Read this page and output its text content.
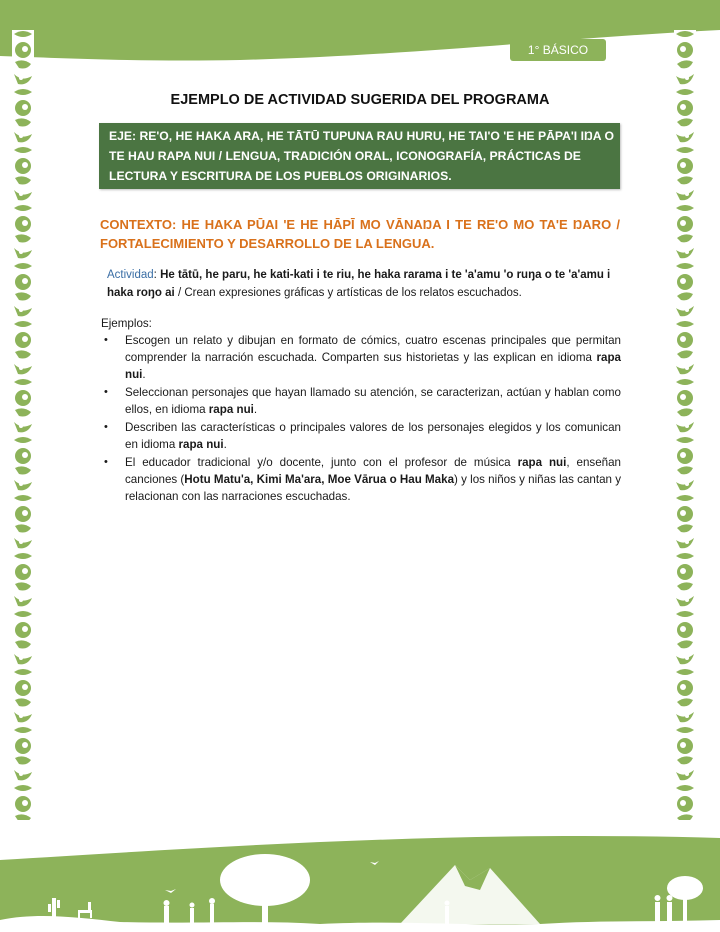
1° BÁSICO Unidad 1
EJEMPLO DE ACTIVIDAD SUGERIDA DEL PROGRAMA
EJE: RE'O, HE HAKA ARA, HE TĀTŪ TUPUNA RAU HURU, HE TAI'O 'E HE PĀPA'I IŊA O TE HAU RAPA NUI / LENGUA, TRADICIÓN ORAL, ICONOGRAFÍA, PRÁCTICAS DE LECTURA Y ESCRITURA DE LOS PUEBLOS ORIGINARIOS.
CONTEXTO: HE HAKA PŪAI 'E HE HĀPĪ MO VĀNAŊA I TE RE'O MO TA'E ŊARO / FORTALECIMIENTO Y DESARROLLO DE LA LENGUA.
Actividad: He tātū, he paru, he kati-kati i te riu, he haka rarama i te 'a'amu 'o ruŋa o te 'a'amu i haka roŋo ai / Crean expresiones gráficas y artísticas de los relatos escuchados.
Ejemplos:
• Escogen un relato y dibujan en formato de cómics, cuatro escenas principales que permitan comprender la narración escuchada. Comparten sus historietas y las explican en idioma rapa nui.
• Seleccionan personajes que hayan llamado su atención, se caracterizan, actúan y hablan como ellos, en idioma rapa nui.
• Describen las características o principales valores de los personajes elegidos y los comunican en idioma rapa nui.
• El educador tradicional y/o docente, junto con el profesor de música rapa nui, enseñan canciones (Hotu Matu'a, Kimi Ma'ara, Moe Vārua o Hau Maka) y los niños y niñas las cantan y relacionan con las narraciones escuchadas.
